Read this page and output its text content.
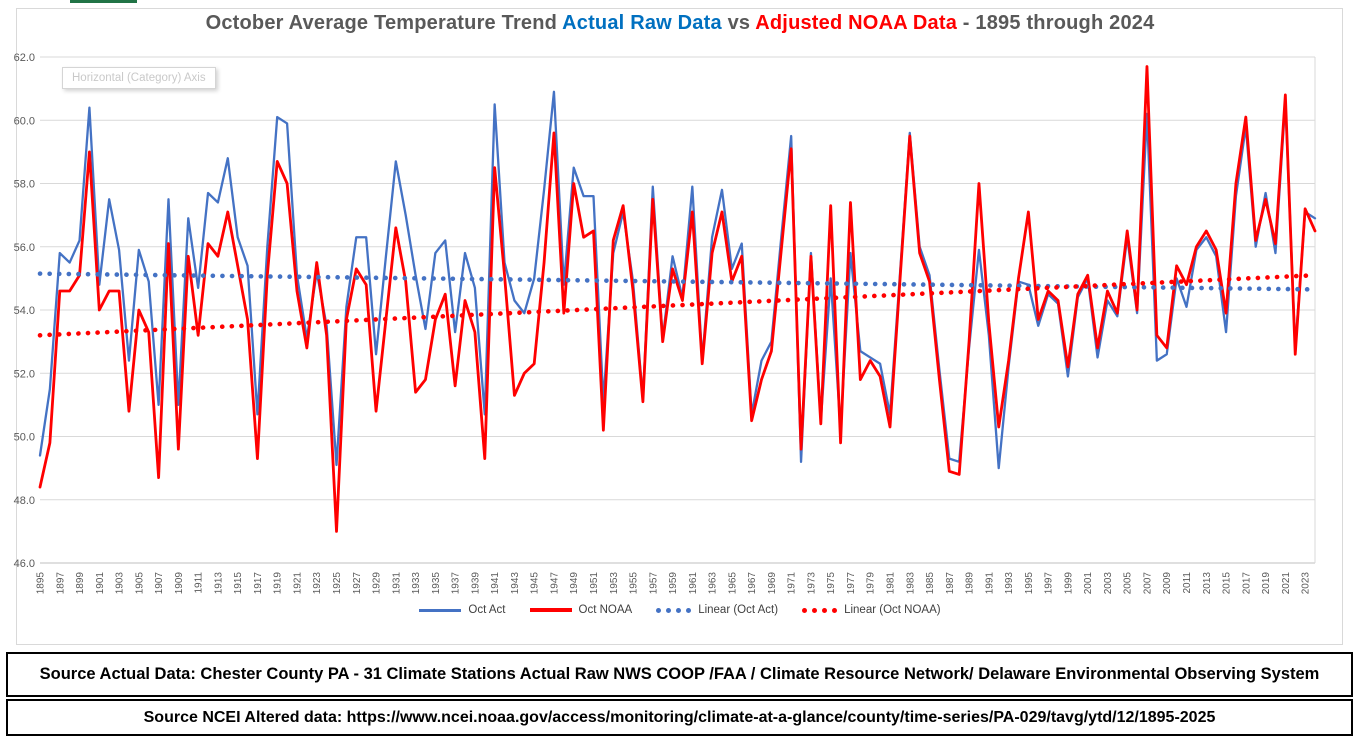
46.0
48.0
50.0
52.0
54.0
56.0
58.0
60.0
62.0
1895 1897 1899 1901 1903 1905 1907 1909 1911 1913 1915 1917 1919 1921 1923 1925 1927 1929 1931 1933 1935 1937 1939 1941 1943 1945 1947 1949 1951 1953 1955 1957 1959 1961 1963 1965 1967 1969 1971 1973 1975 1977 1979 1981 1983 1985 1987 1989 1991 1993 1995 1997 1999 2001 2003 2005 2007 2009 2011 2013 2015 2017 2019 2021 2023
October Average Temperature Trend Actual Raw Data vs Adjusted NOAA Data - 1895 through 2024
Horizontal (Category) Axis
Oct Act	Oct NOAA	Linear (Oct Act)	Linear (Oct NOAA)
Source Actual Data: Chester County PA - 31 Climate Stations Actual Raw NWS COOP /FAA / Climate Resource Network/ Delaware Environmental Observing System
Source NCEI Altered data: https://www.ncei.noaa.gov/access/monitoring/climate-at-a-glance/county/time-series/PA-029/tavg/ytd/12/1895-2025
